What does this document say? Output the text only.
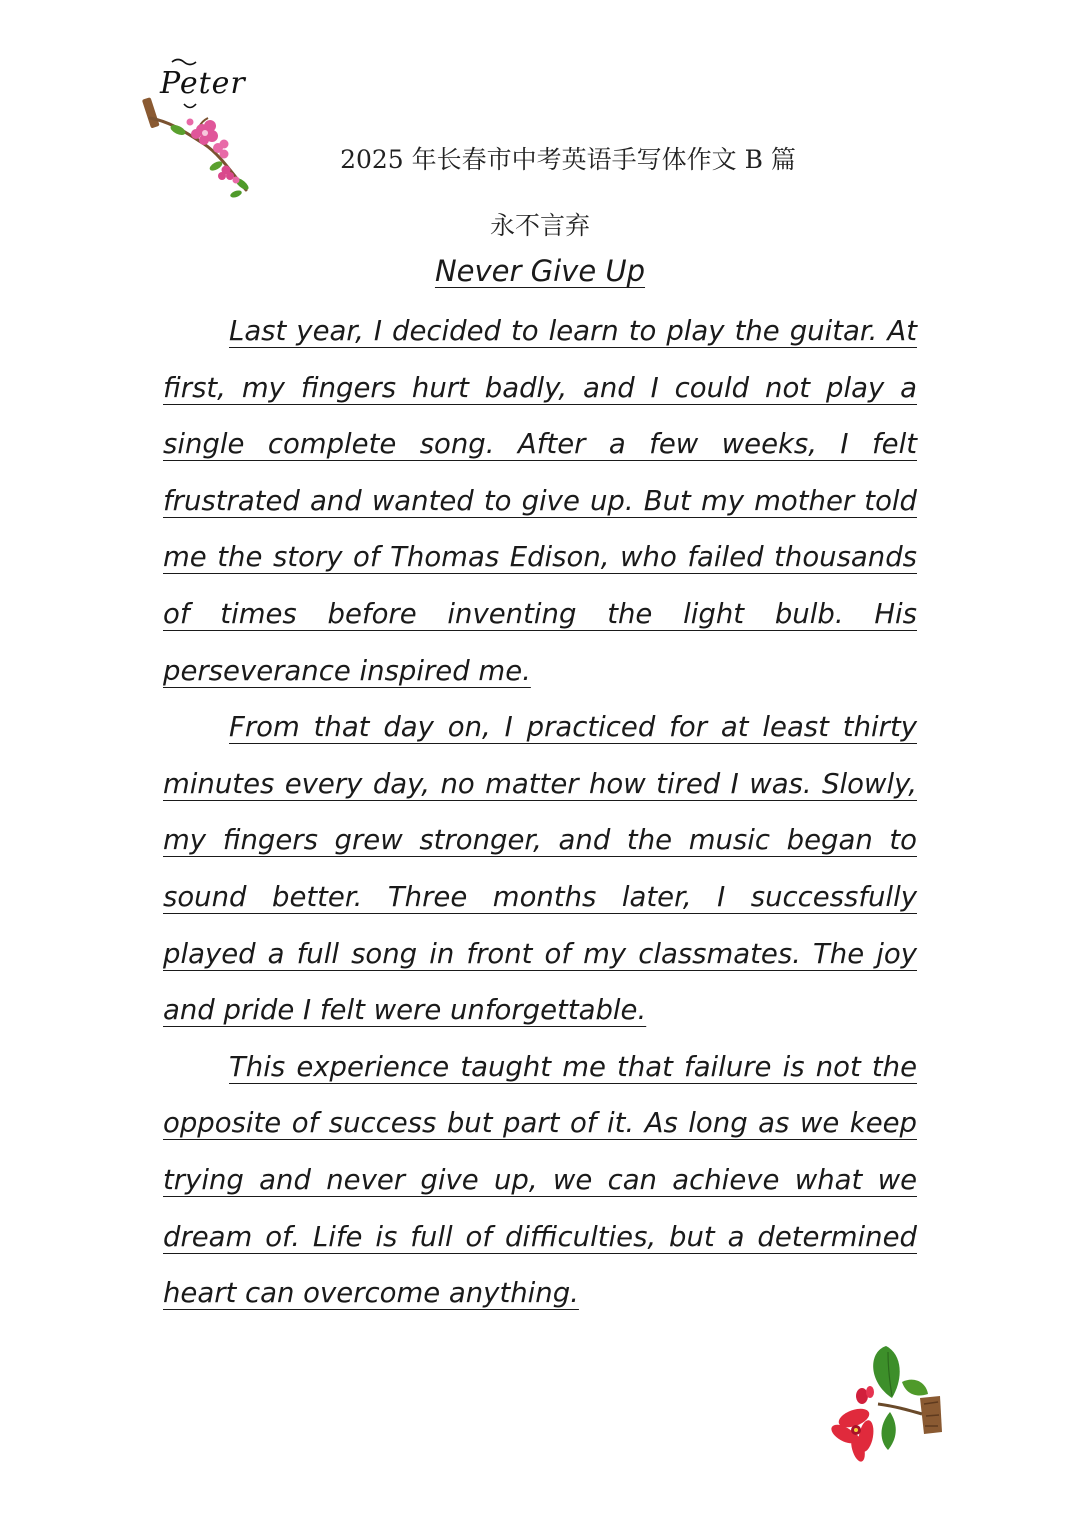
Peter
2025 年长春市中考英语手写体作文 B 篇
永不言弃
Never Give Up

Last year, I decided to learn to play the guitar. At first, my fingers hurt badly, and I could not play a single complete song. After a few weeks, I felt frustrated and wanted to give up. But my mother told me the story of Thomas Edison, who failed thousands of times before inventing the light bulb. His perseverance inspired me.

From that day on, I practiced for at least thirty minutes every day, no matter how tired I was. Slowly, my fingers grew stronger, and the music began to sound better. Three months later, I successfully played a full song in front of my classmates. The joy and pride I felt were unforgettable.

This experience taught me that failure is not the opposite of success but part of it. As long as we keep trying and never give up, we can achieve what we dream of. Life is full of difficulties, but a determined heart can overcome anything.
